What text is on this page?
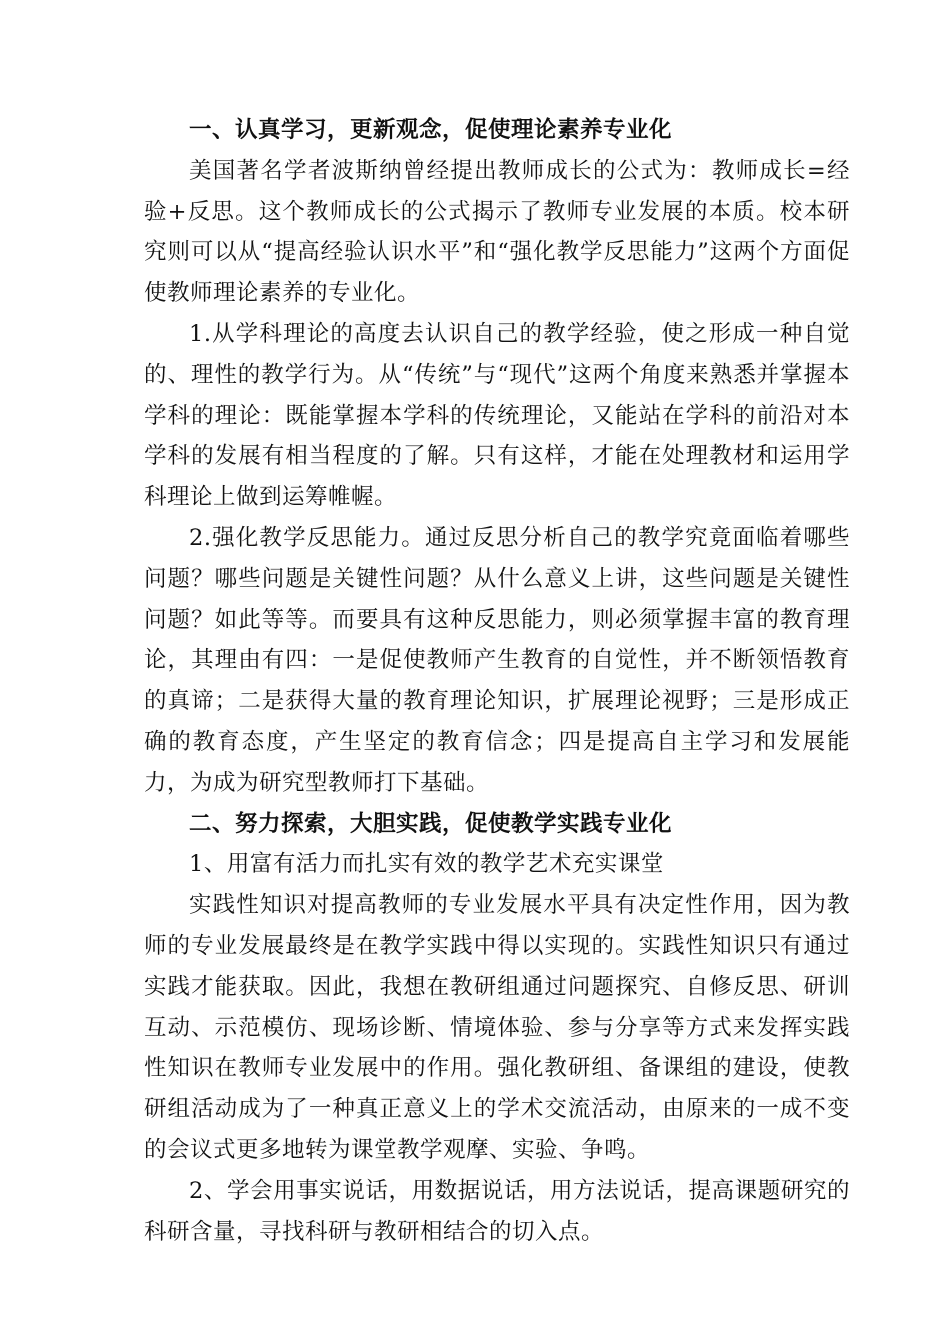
一、认真学习，更新观念，促使理论素养专业化

美国著名学者波斯纳曾经提出教师成长的公式为：教师成长=经验+反思。这个教师成长的公式揭示了教师专业发展的本质。校本研究则可以从“提高经验认识水平”和“强化教学反思能力”这两个方面促使教师理论素养的专业化。

1.从学科理论的高度去认识自己的教学经验，使之形成一种自觉的、理性的教学行为。从“传统”与“现代”这两个角度来熟悉并掌握本学科的理论：既能掌握本学科的传统理论，又能站在学科的前沿对本学科的发展有相当程度的了解。只有这样，才能在处理教材和运用学科理论上做到运筹帷幄。

2.强化教学反思能力。通过反思分析自己的教学究竟面临着哪些问题？哪些问题是关键性问题？从什么意义上讲，这些问题是关键性问题？如此等等。而要具有这种反思能力，则必须掌握丰富的教育理论，其理由有四：一是促使教师产生教育的自觉性，并不断领悟教育的真谛；二是获得大量的教育理论知识，扩展理论视野；三是形成正确的教育态度，产生坚定的教育信念；四是提高自主学习和发展能力，为成为研究型教师打下基础。

二、努力探索，大胆实践，促使教学实践专业化

1、用富有活力而扎实有效的教学艺术充实课堂

实践性知识对提高教师的专业发展水平具有决定性作用，因为教师的专业发展最终是在教学实践中得以实现的。实践性知识只有通过实践才能获取。因此，我想在教研组通过问题探究、自修反思、研训互动、示范模仿、现场诊断、情境体验、参与分享等方式来发挥实践性知识在教师专业发展中的作用。强化教研组、备课组的建设，使教研组活动成为了一种真正意义上的学术交流活动，由原来的一成不变的会议式更多地转为课堂教学观摩、实验、争鸣。

2、学会用事实说话，用数据说话，用方法说话，提高课题研究的科研含量，寻找科研与教研相结合的切入点。
